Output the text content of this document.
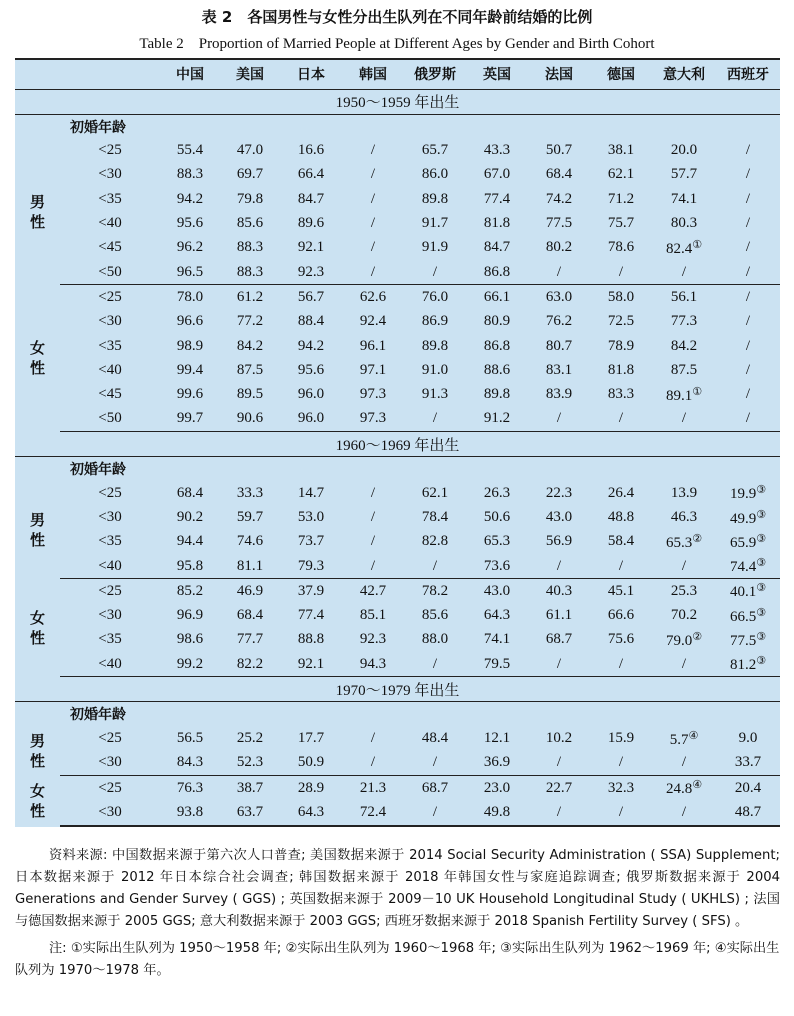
表 2　各国男性与女性分出生队列在不同年龄前结婚的比例
Table 2　Proportion of Married People at Different Ages by Gender and Birth Cohort
		中国	美国	日本	韩国	俄罗斯	英国	法国	德国	意大利	西班牙
1950～1959 年出生											
	初婚年龄										
男性	<25	55.4	47.0	16.6	/	65.7	43.3	50.7	38.1	20.0	/
	<30	88.3	69.7	66.4	/	86.0	67.0	68.4	62.1	57.7	/
	<35	94.2	79.8	84.7	/	89.8	77.4	74.2	71.2	74.1	/
	<40	95.6	85.6	89.6	/	91.7	81.8	77.5	75.7	80.3	/
	<45	96.2	88.3	92.1	/	91.9	84.7	80.2	78.6	82.4①	/
	<50	96.5	88.3	92.3	/	/	86.8	/	/	/	/
女性	<25	78.0	61.2	56.7	62.6	76.0	66.1	63.0	58.0	56.1	/
	<30	96.6	77.2	88.4	92.4	86.9	80.9	76.2	72.5	77.3	/
	<35	98.9	84.2	94.2	96.1	89.8	86.8	80.7	78.9	84.2	/
	<40	99.4	87.5	95.6	97.1	91.0	88.6	83.1	81.8	87.5	/
	<45	99.6	89.5	96.0	97.3	91.3	89.8	83.9	83.3	89.1①	/
	<50	99.7	90.6	96.0	97.3	/	91.2	/	/	/	/
1960～1969 年出生											
	初婚年龄										
男性	<25	68.4	33.3	14.7	/	62.1	26.3	22.3	26.4	13.9	19.9③
	<30	90.2	59.7	53.0	/	78.4	50.6	43.0	48.8	46.3	49.9③
	<35	94.4	74.6	73.7	/	82.8	65.3	56.9	58.4	65.3②	65.9③
	<40	95.8	81.1	79.3	/	/	73.6	/	/	/	74.4③
女性	<25	85.2	46.9	37.9	42.7	78.2	43.0	40.3	45.1	25.3	40.1③
	<30	96.9	68.4	77.4	85.1	85.6	64.3	61.1	66.6	70.2	66.5③
	<35	98.6	77.7	88.8	92.3	88.0	74.1	68.7	75.6	79.0②	77.5③
	<40	99.2	82.2	92.1	94.3	/	79.5	/	/	/	81.2③
1970～1979 年出生											
	初婚年龄										
男性	<25	56.5	25.2	17.7	/	48.4	12.1	10.2	15.9	5.7④	9.0
	<30	84.3	52.3	50.9	/	/	36.9	/	/	/	33.7
女性	<25	76.3	38.7	28.9	21.3	68.7	23.0	22.7	32.3	24.8④	20.4
	<30	93.8	63.7	64.3	72.4	/	49.8	/	/	/	48.7
资料来源: 中国数据来源于第六次人口普查; 美国数据来源于 2014 Social Security Administration ( SSA) Supplement; 日本数据来源于 2012 年日本综合社会调查; 韩国数据来源于 2018 年韩国女性与家庭追踪调查; 俄罗斯数据来源于 2004 Generations and Gender Survey ( GGS) ; 英国数据来源于 2009－10 UK Household Longitudinal Study ( UKHLS) ; 法国与德国数据来源于 2005 GGS; 意大利数据来源于 2003 GGS; 西班牙数据来源于 2018 Spanish Fertility Survey ( SFS) 。
注: ①实际出生队列为 1950～1958 年; ②实际出生队列为 1960～1968 年; ③实际出生队列为 1962～1969 年; ④实际出生队列为 1970～1978 年。
